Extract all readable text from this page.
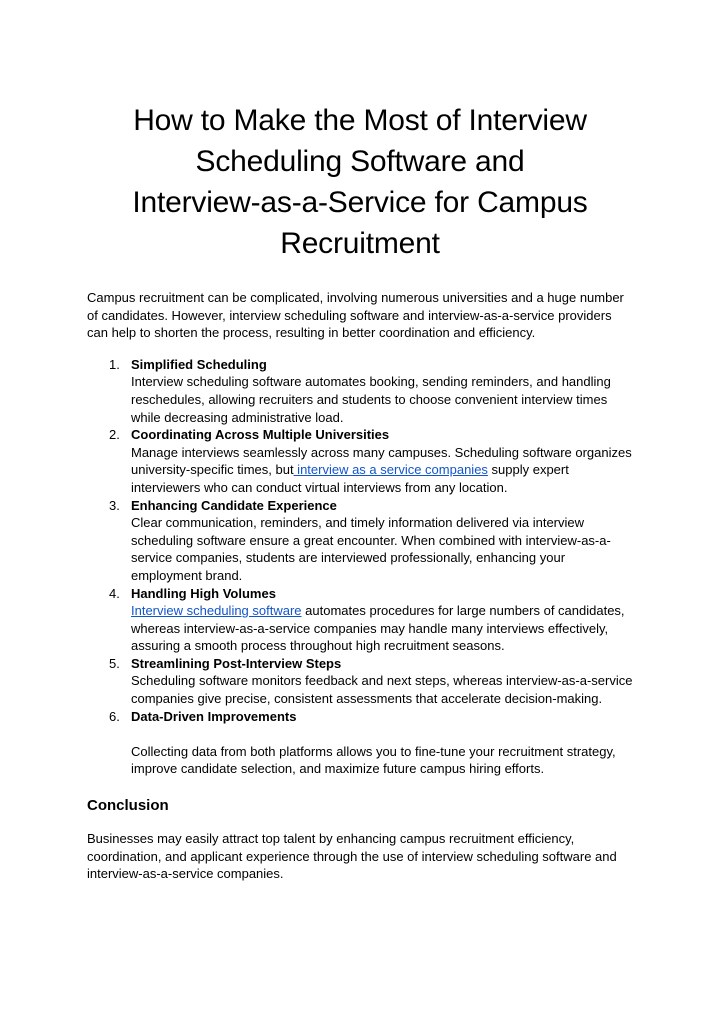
How to Make the Most of Interview
Scheduling Software and
Interview-as-a-Service for Campus
Recruitment

Campus recruitment can be complicated, involving numerous universities and a huge number of candidates. However, interview scheduling software and interview-as-a-service providers can help to shorten the process, resulting in better coordination and efficiency.

1. Simplified Scheduling
Interview scheduling software automates booking, sending reminders, and handling reschedules, allowing recruiters and students to choose convenient interview times while decreasing administrative load.
2. Coordinating Across Multiple Universities
Manage interviews seamlessly across many campuses. Scheduling software organizes university-specific times, but interview as a service companies supply expert interviewers who can conduct virtual interviews from any location.
3. Enhancing Candidate Experience
Clear communication, reminders, and timely information delivered via interview scheduling software ensure a great encounter. When combined with interview-as-a-service companies, students are interviewed professionally, enhancing your employment brand.
4. Handling High Volumes
Interview scheduling software automates procedures for large numbers of candidates, whereas interview-as-a-service companies may handle many interviews effectively, assuring a smooth process throughout high recruitment seasons.
5. Streamlining Post-Interview Steps
Scheduling software monitors feedback and next steps, whereas interview-as-a-service companies give precise, consistent assessments that accelerate decision-making.
6. Data-Driven Improvements
Collecting data from both platforms allows you to fine-tune your recruitment strategy, improve candidate selection, and maximize future campus hiring efforts.
Conclusion

Businesses may easily attract top talent by enhancing campus recruitment efficiency, coordination, and applicant experience through the use of interview scheduling software and interview-as-a-service companies.
